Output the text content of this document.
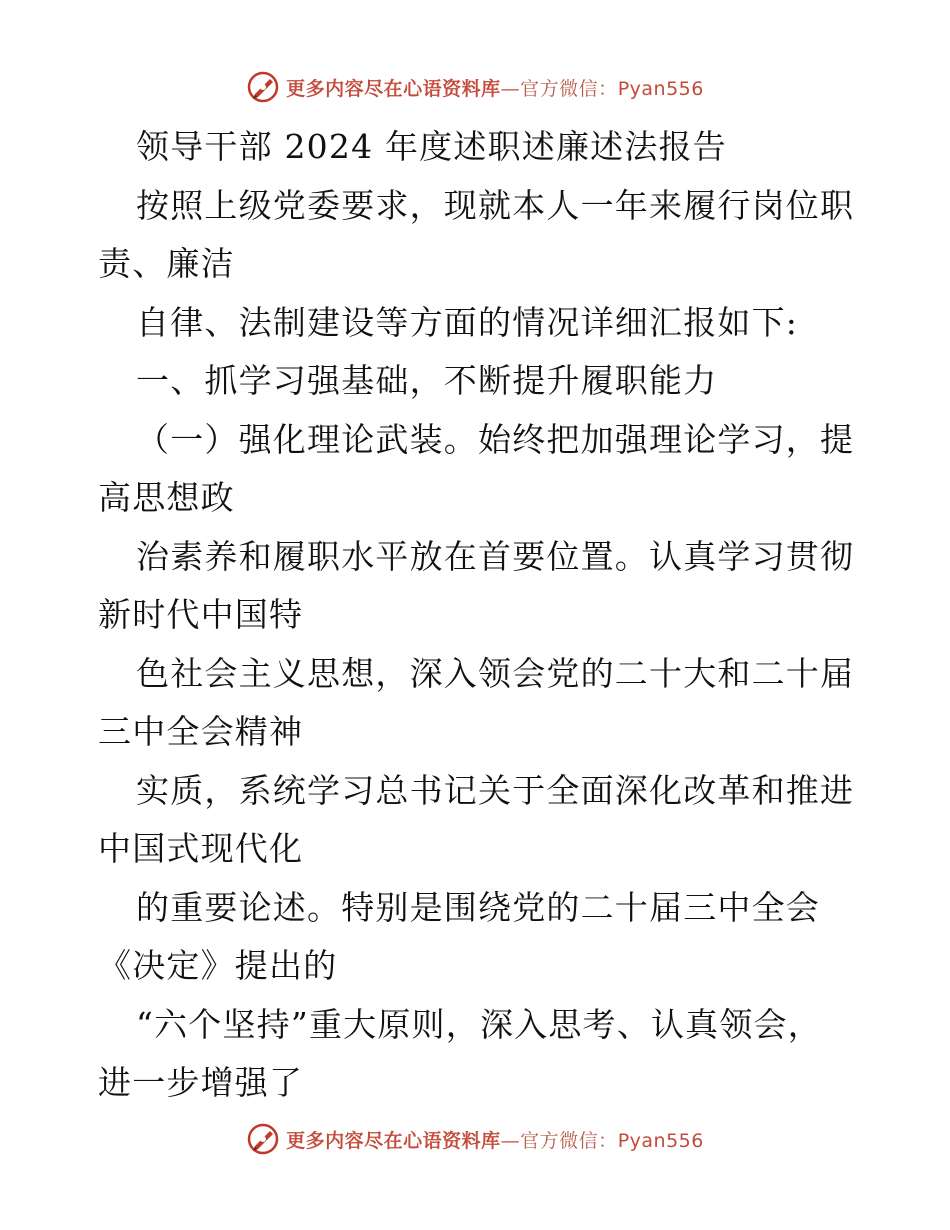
更多内容尽在心语资料库—官方微信：Pyan556
领导干部 2024 年度述职述廉述法报告
按照上级党委要求，现就本人一年来履行岗位职
责、廉洁
自律、法制建设等方面的情况详细汇报如下:
一、抓学习强基础，不断提升履职能力
（一）强化理论武装。始终把加强理论学习，提
高思想政
治素养和履职水平放在首要位置。认真学习贯彻
新时代中国特
色社会主义思想，深入领会党的二十大和二十届
三中全会精神
实质，系统学习总书记关于全面深化改革和推进
中国式现代化
的重要论述。特别是围绕党的二十届三中全会
《决定》提出的
“六个坚持”重大原则，深入思考、认真领会，
进一步增强了
更多内容尽在心语资料库—官方微信：Pyan556
